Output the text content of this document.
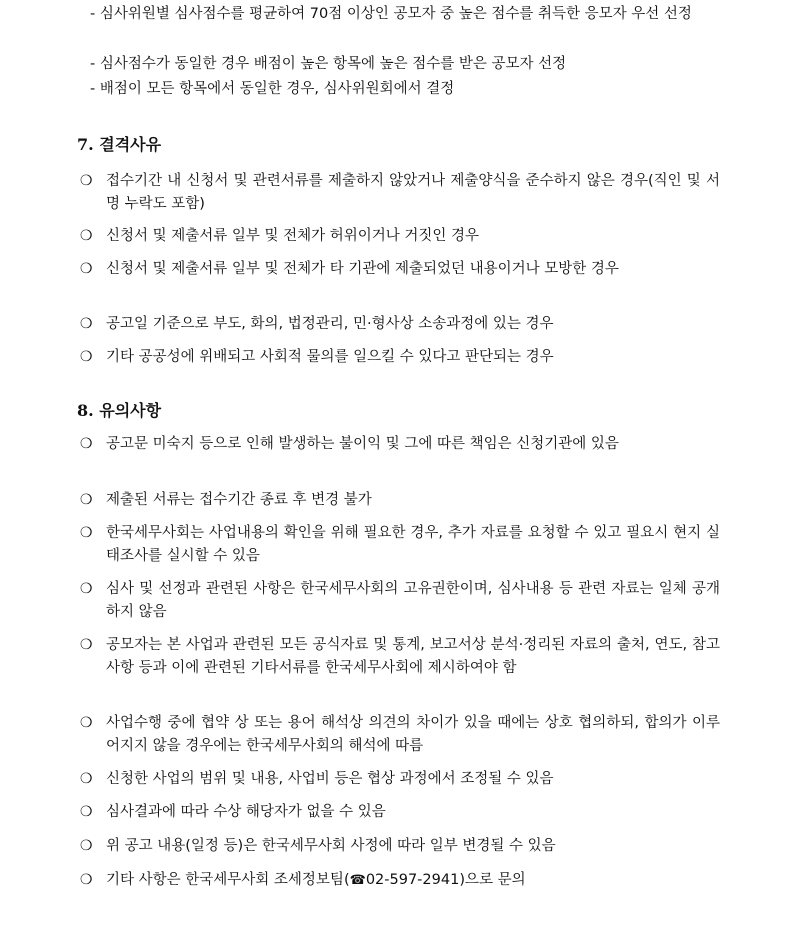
- 심사위원별 심사점수를 평균하여 70점 이상인 공모자 중 높은 점수를 취득한 응모자 우선 선정
- 심사점수가 동일한 경우 배점이 높은 항목에 높은 점수를 받은 공모자 선정
- 배점이 모든 항목에서 동일한 경우, 심사위원회에서 결정
7. 결격사유
❍ 접수기간 내 신청서 및 관련서류를 제출하지 않았거나 제출양식을 준수하지 않은 경우(직인 및 서명 누락도 포함)
❍ 신청서 및 제출서류 일부 및 전체가 허위이거나 거짓인 경우
❍ 신청서 및 제출서류 일부 및 전체가 타 기관에 제출되었던 내용이거나 모방한 경우
❍ 공고일 기준으로 부도, 화의, 법정관리, 민·형사상 소송과정에 있는 경우
❍ 기타 공공성에 위배되고 사회적 물의를 일으킬 수 있다고 판단되는 경우
8. 유의사항
❍ 공고문 미숙지 등으로 인해 발생하는 불이익 및 그에 따른 책임은 신청기관에 있음
❍ 제출된 서류는 접수기간 종료 후 변경 불가
❍ 한국세무사회는 사업내용의 확인을 위해 필요한 경우, 추가 자료를 요청할 수 있고 필요시 현지 실태조사를 실시할 수 있음
❍ 심사 및 선정과 관련된 사항은 한국세무사회의 고유권한이며, 심사내용 등 관련 자료는 일체 공개하지 않음
❍ 공모자는 본 사업과 관련된 모든 공식자료 및 통계, 보고서상 분석·정리된 자료의 출처, 연도, 참고사항 등과 이에 관련된 기타서류를 한국세무사회에 제시하여야 함
❍ 사업수행 중에 협약 상 또는 용어 해석상 의견의 차이가 있을 때에는 상호 협의하되, 합의가 이루어지지 않을 경우에는 한국세무사회의 해석에 따름
❍ 신청한 사업의 범위 및 내용, 사업비 등은 협상 과정에서 조정될 수 있음
❍ 심사결과에 따라 수상 해당자가 없을 수 있음
❍ 위 공고 내용(일정 등)은 한국세무사회 사정에 따라 일부 변경될 수 있음
❍ 기타 사항은 한국세무사회 조세정보팀(☎02-597-2941)으로 문의
